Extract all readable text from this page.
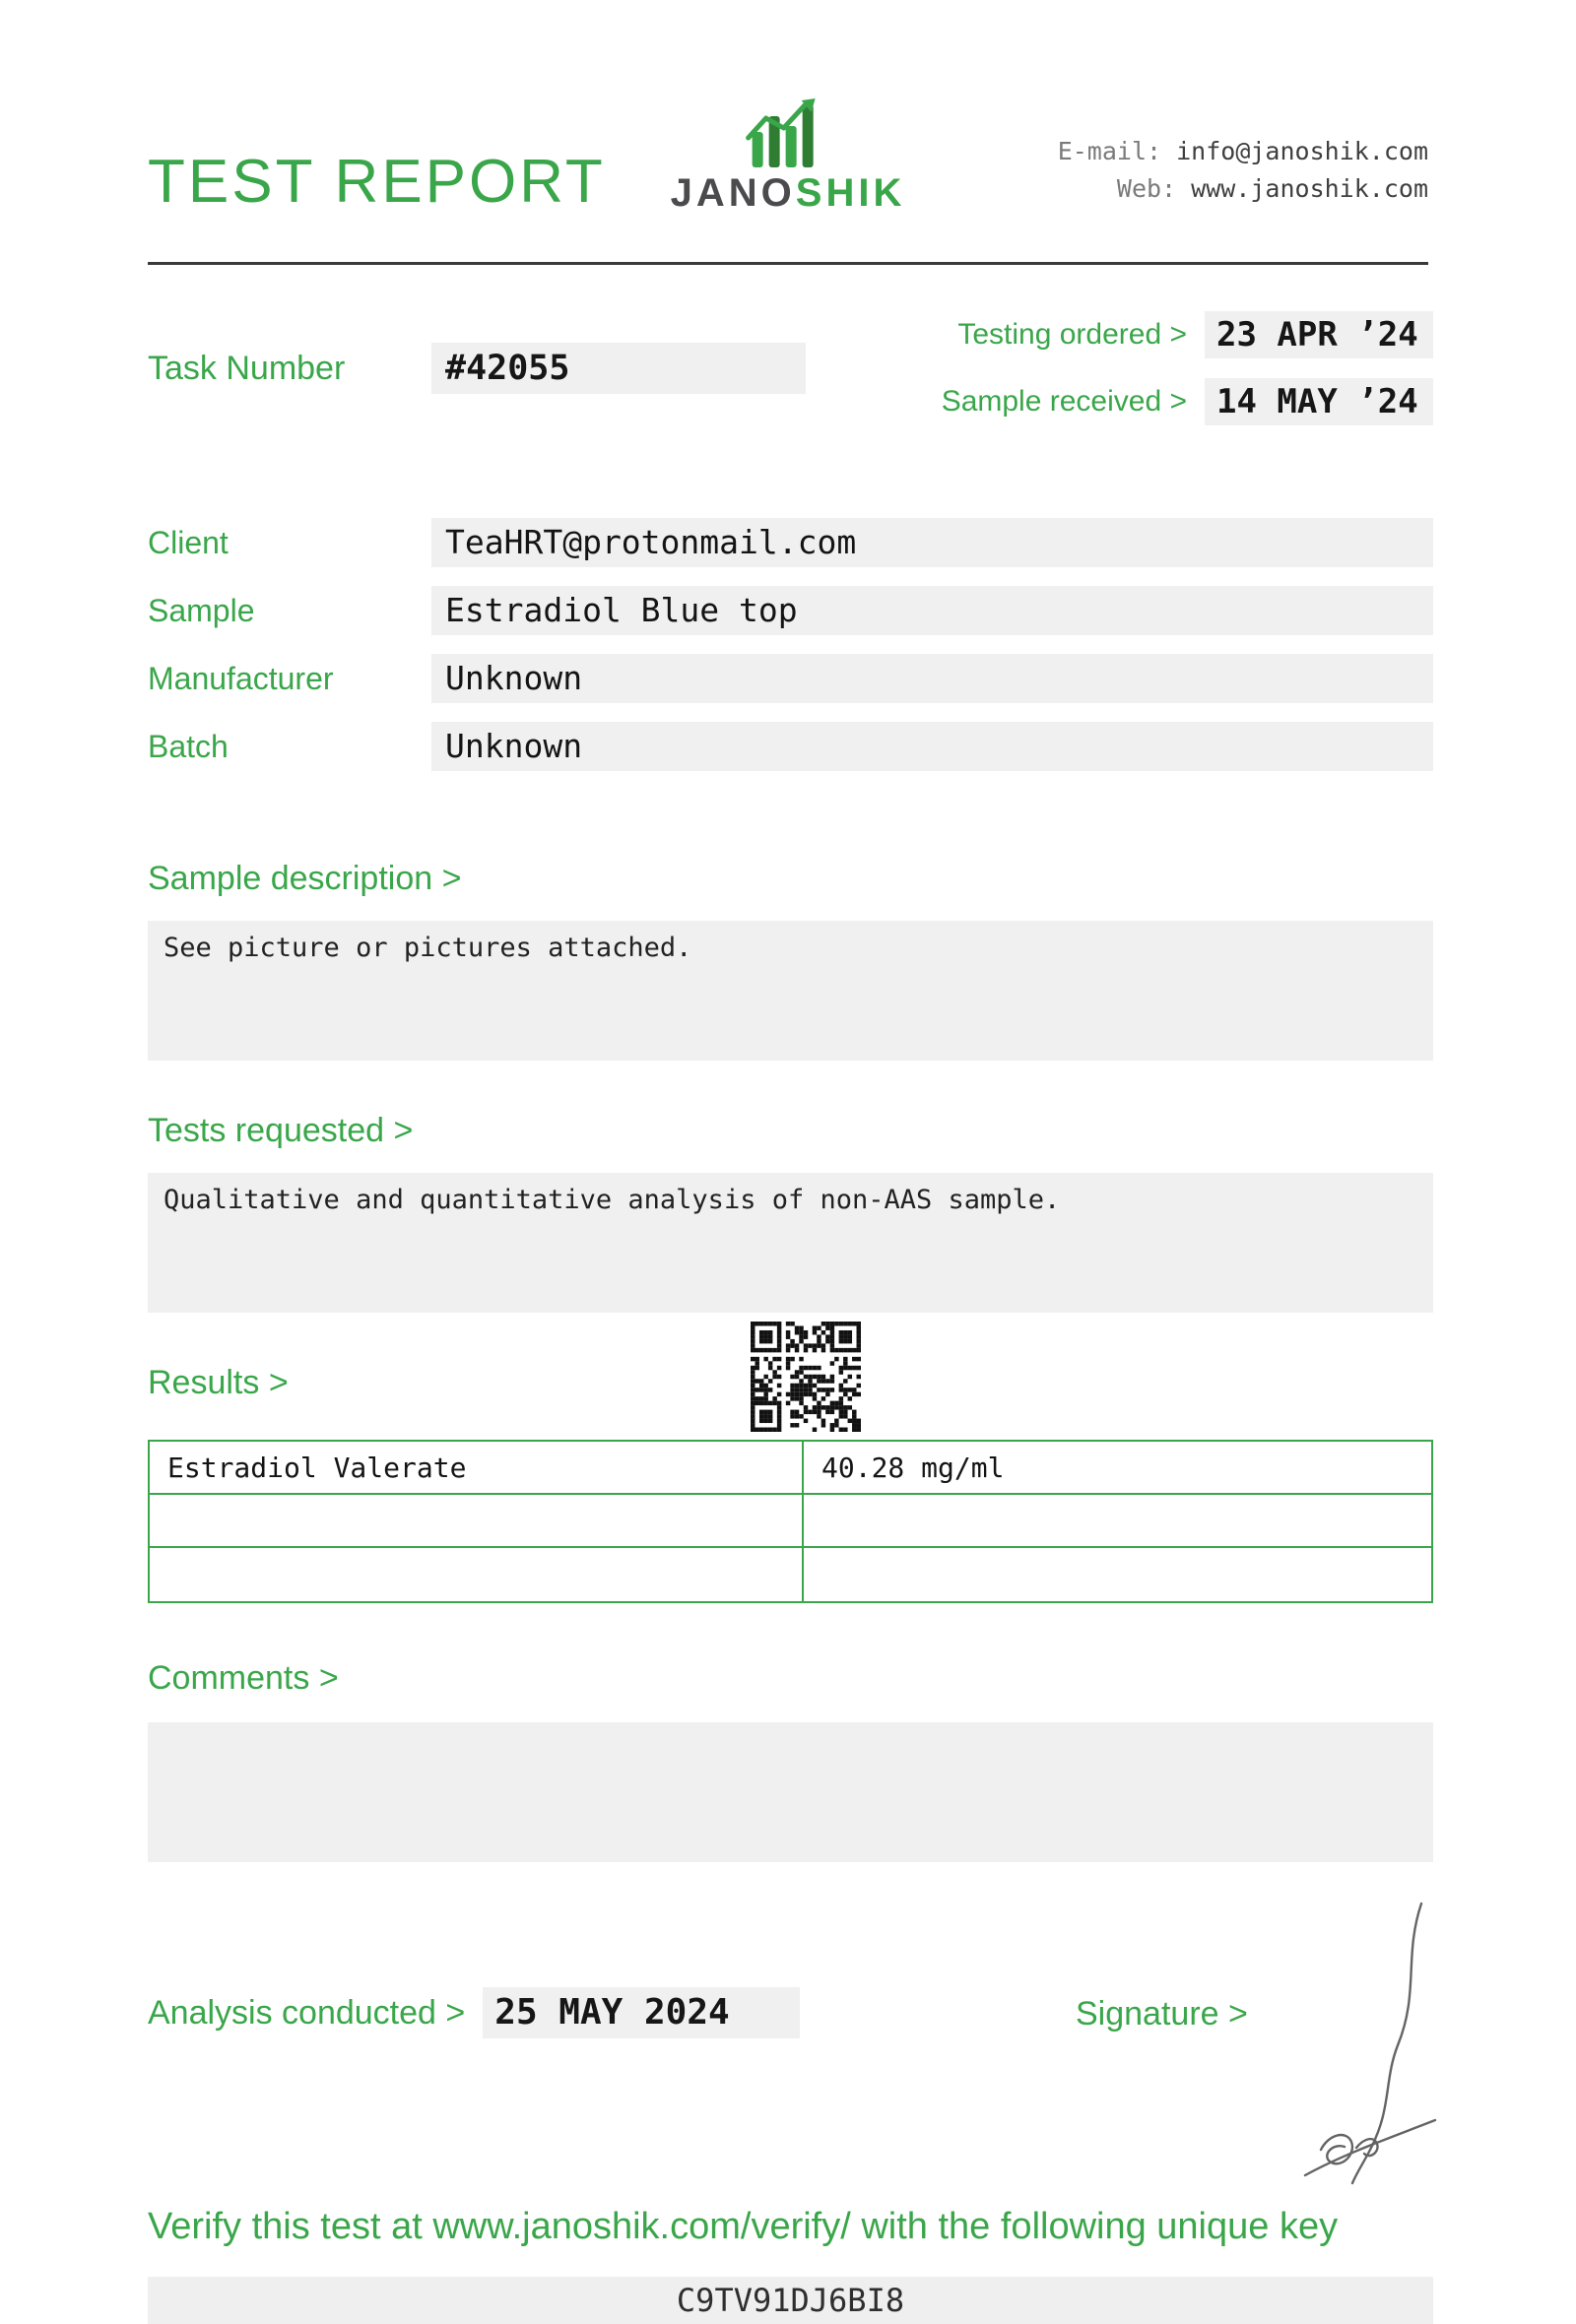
TEST REPORT JANOSHIK
E-mail: info@janoshik.com
Web: www.janoshik.com
Task Number	#42055
Testing ordered > 23 APR ’24
Sample received > 14 MAY ’24
Client	TeaHRT@protonmail.com
Sample	Estradiol Blue top
Manufacturer	Unknown
Batch	Unknown
Sample description >
See picture or pictures attached.
Tests requested >
Qualitative and quantitative analysis of non-AAS sample.
Results >
Estradiol Valerate	40.28 mg/ml
Comments >
Analysis conducted > 25 MAY 2024	Signature >
Verify this test at www.janoshik.com/verify/ with the following unique key
C9TV91DJ6BI8
